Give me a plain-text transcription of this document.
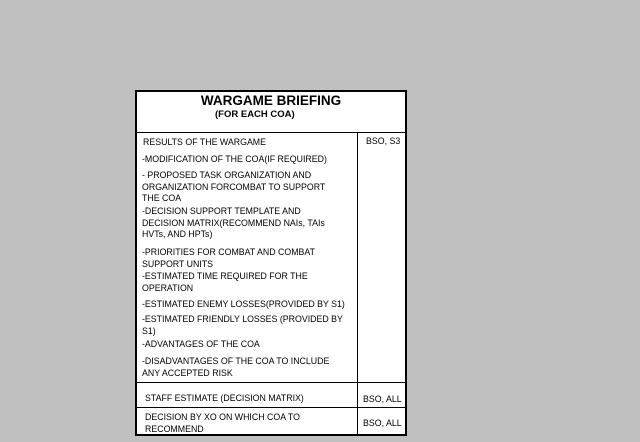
WARGAME BRIEFING
(FOR EACH COA)
RESULTS OF THE WARGAME
-MODIFICATION OF THE COA(IF REQUIRED)
- PROPOSED TASK ORGANIZATION AND
ORGANIZATION FORCOMBAT TO SUPPORT
THE COA
-DECISION SUPPORT TEMPLATE AND
DECISION MATRIX(RECOMMEND NAIs, TAIs
HVTs, AND HPTs)
-PRIORITIES FOR COMBAT AND COMBAT
SUPPORT UNITS
-ESTIMATED TIME REQUIRED FOR THE
OPERATION
-ESTIMATED ENEMY LOSSES(PROVIDED BY S1)
-ESTIMATED FRIENDLY LOSSES (PROVIDED BY
S1)
-ADVANTAGES OF THE COA
-DISADVANTAGES OF THE COA TO INCLUDE
ANY ACCEPTED RISK
BSO, S3
STAFF ESTIMATE (DECISION MATRIX)	BSO, ALL
DECISION BY XO ON WHICH COA TO
RECOMMEND
BSO, ALL
